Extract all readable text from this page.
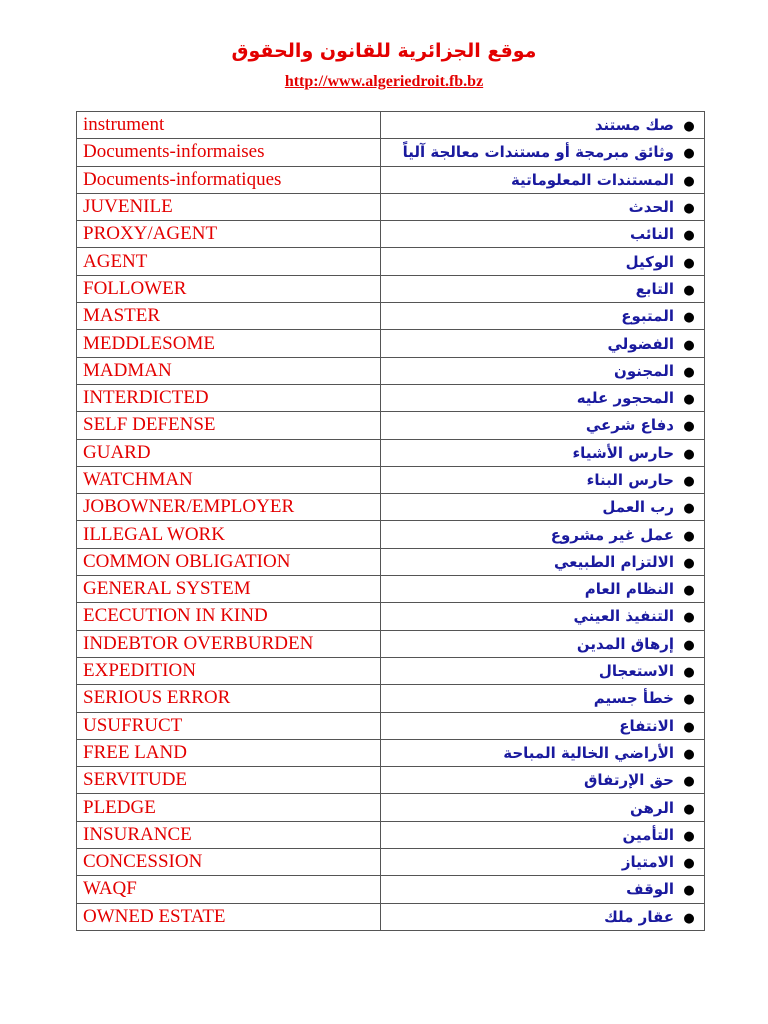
موقع الجزائرية للقانون والحقوق
http://www.algeriedroit.fb.bz
instrument	●صك مستند
Documents-informaises	●وثائق مبرمجة أو مستندات معالجة آلياً
Documents-informatiques	●المستندات المعلوماتية
JUVENILE	●الحدث
PROXY/AGENT	●النائب
AGENT	●الوكيل
FOLLOWER	●التابع
MASTER	●المتبوع
MEDDLESOME	●الفضولي
MADMAN	●المجنون
INTERDICTED	●المحجور عليه
SELF DEFENSE	●دفاع شرعي
GUARD	●حارس الأشياء
WATCHMAN	●حارس البناء
JOBOWNER/EMPLOYER	●رب العمل
ILLEGAL WORK	●عمل غير مشروع
COMMON OBLIGATION	●الالتزام الطبيعي
GENERAL SYSTEM	●النظام العام
ECECUTION IN KIND	●التنفيذ العيني
INDEBTOR OVERBURDEN	●إرهاق المدين
EXPEDITION	●الاستعجال
SERIOUS ERROR	●خطأ جسيم
USUFRUCT	●الانتفاع
FREE LAND	●الأراضي الخالية المباحة
SERVITUDE	●حق الإرتفاق
PLEDGE	●الرهن
INSURANCE	●التأمين
CONCESSION	●الامتياز
WAQF	●الوقف
OWNED ESTATE	●عقار ملك
